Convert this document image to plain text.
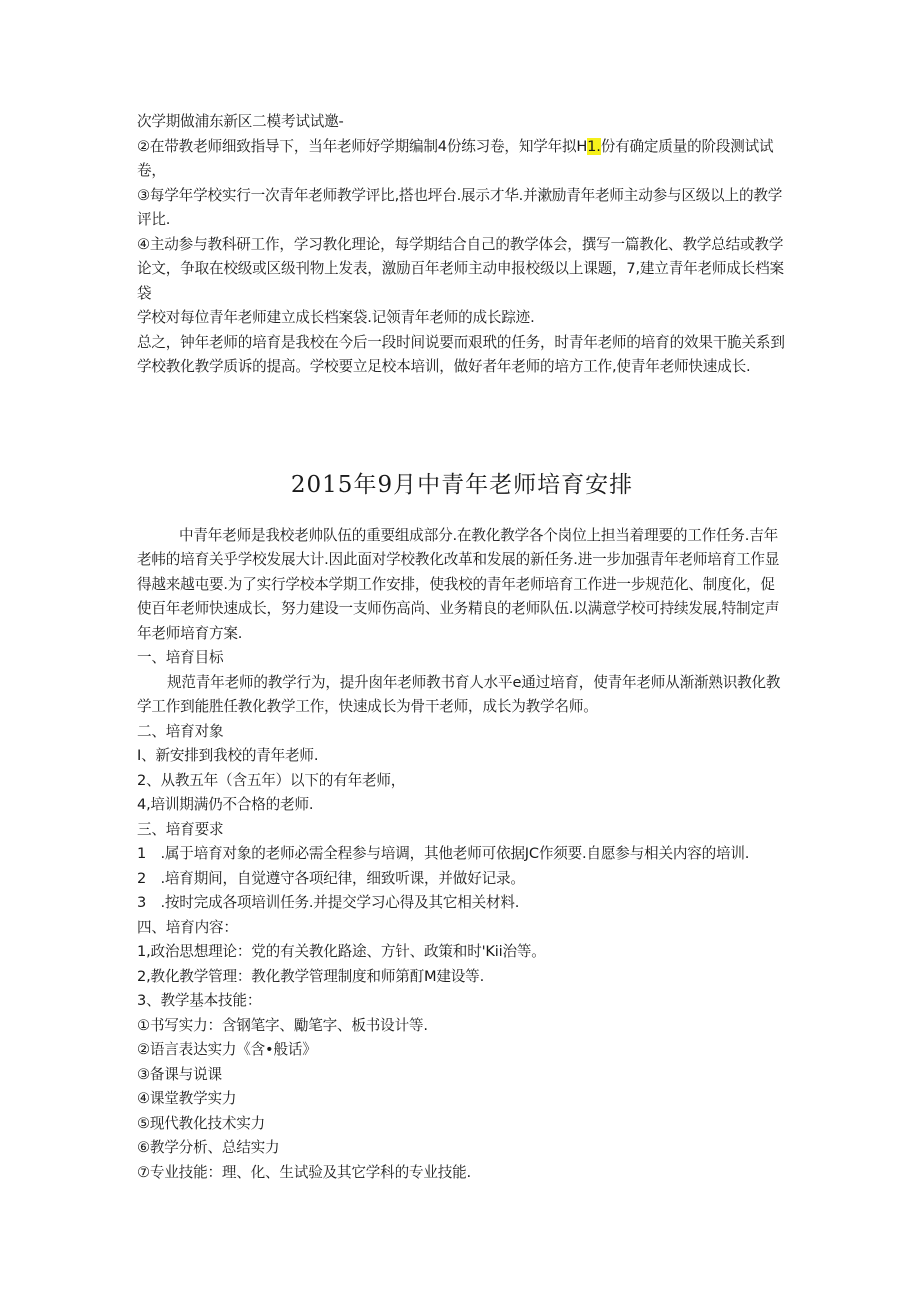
次学期做浦东新区二模考试试邀-

②在带教老师细致指导下，当年老师妤学期编制4份练习卷，知学年拟H1.份有确定质量的阶段测试试卷，

③每学年学校实行一次青年老师教学评比,搭也坪台.展示才华.并漱励青年老师主动参与区级以上的教学评比.

④主动参与教科研工作，学习教化理论，每学期结合自己的教学体会，撰写一篇教化、教学总结或教学论文，争取在校级或区级刊物上发表，激励百年老师主动申报校级以上课题，7,建立青年老师成长档案袋

学校对每位青年老师建立成长档案袋.记领青年老师的成长踪迹.

总之，钟年老师的培育是我校在今后一段时间说要而艰玳的任务，时青年老师的培育的效果干脆关系到学校教化教学质诉的提高。学校要立足校本培训，做好者年老师的培方工作,使青年老师快速成长.

2015年9月中青年老师培育安排

中青年老师是我校老帅队伍的重要组成部分.在教化教学各个岗位上担当着理要的工作任务.吉年老帏的培育关乎学校发展大计.因此面对学校教化改革和发展的新任务.进一步加强青年老师培育工作显得越来越屯要.为了实行学校本学期工作安排，使我校的青年老师培育工作进一步规范化、制度化，促使百年老师快速成长，努力建设一支师伤高尚、业务精良的老师队伍.以满意学校可持续发展,特制定声年老师培育方案.

一、培育目标

规范青年老师的教学行为，提升囱年老师教书育人水平e通过培育，使青年老师从渐渐熟识教化教学工作到能胜任教化教学工作，快速成长为骨干老师，成长为教学名师。

二、培育对象

I、新安排到我校的青年老师.

2、从教五年（含五年）以下的有年老师，

4,培训期满仍不合格的老师.

三、培育要求

1　.属于培育对象的老师必需全程参与培调，其他老师可依据JC作须要.自愿参与相关内容的培训.

2　.培育期间，自觉遵守各项纪律，细致听课，并做好记录。

3　.按时完成各项培训任务.并提交学习心得及其它相关材料.

四、培育内容：

1,政治思想理论：党的有关教化路途、方针、政策和时'Kii治等。

2,教化教学管理：教化教学管理制度和师第酊M建设等.

3、教学基本技能：

①书写实力：含钢笔字、勵笔字、板书设计等.

②语言表达实力《含•般话》

③备课与说课

④课堂教学实力

⑤现代教化技术实力

⑥教学分析、总结实力

⑦专业技能：理、化、生试验及其它学科的专业技能.
